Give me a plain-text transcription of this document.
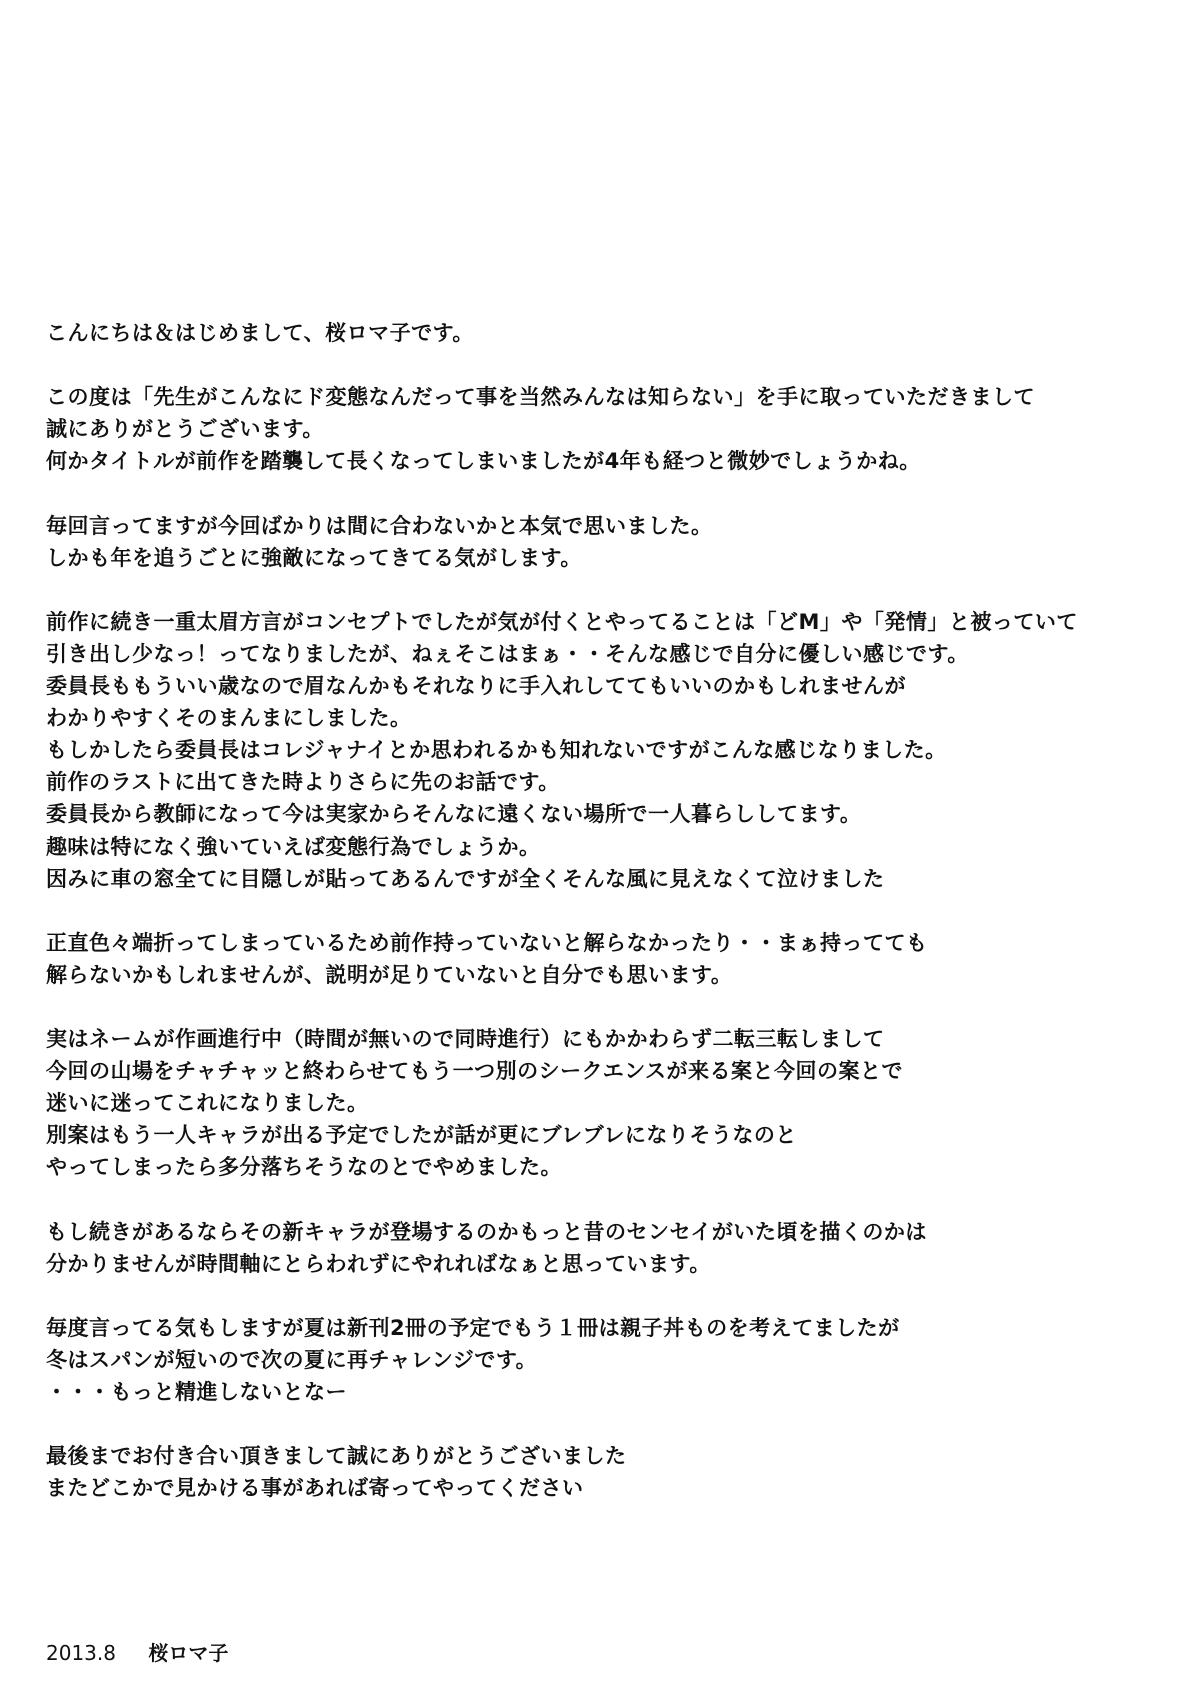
こんにちは＆はじめまして、桜ロマ子です。
この度は「先生がこんなにド変態なんだって事を当然みんなは知らない」を手に取っていただきまして
誠にありがとうございます。
何かタイトルが前作を踏襲して長くなってしまいましたが4年も経つと微妙でしょうかね。
毎回言ってますが今回ばかりは間に合わないかと本気で思いました。
しかも年を追うごとに強敵になってきてる気がします。
前作に続き一重太眉方言がコンセプトでしたが気が付くとやってることは「どM」や「発情」と被っていて
引き出し少なっ！ってなりましたが、ねぇそこはまぁ・・そんな感じで自分に優しい感じです。
委員長ももういい歳なので眉なんかもそれなりに手入れしててもいいのかもしれませんが
わかりやすくそのまんまにしました。
もしかしたら委員長はコレジャナイとか思われるかも知れないですがこんな感じなりました。
前作のラストに出てきた時よりさらに先のお話です。
委員長から教師になって今は実家からそんなに遠くない場所で一人暮らししてます。
趣味は特になく強いていえば変態行為でしょうか。
因みに車の窓全てに目隠しが貼ってあるんですが全くそんな風に見えなくて泣けました
正直色々端折ってしまっているため前作持っていないと解らなかったり・・まぁ持ってても
解らないかもしれませんが、説明が足りていないと自分でも思います。
実はネームが作画進行中（時間が無いので同時進行）にもかかわらず二転三転しまして
今回の山場をチャチャッと終わらせてもう一つ別のシークエンスが来る案と今回の案とで
迷いに迷ってこれになりました。
別案はもう一人キャラが出る予定でしたが話が更にブレブレになりそうなのと
やってしまったら多分落ちそうなのとでやめました。
もし続きがあるならその新キャラが登場するのかもっと昔のセンセイがいた頃を描くのかは
分かりませんが時間軸にとらわれずにやれればなぁと思っています。
毎度言ってる気もしますが夏は新刊2冊の予定でもう１冊は親子丼ものを考えてましたが
冬はスパンが短いので次の夏に再チャレンジです。
・・・もっと精進しないとなー
最後までお付き合い頂きまして誠にありがとうございました
またどこかで見かける事があれば寄ってやってください
2013.8 桜ロマ子
